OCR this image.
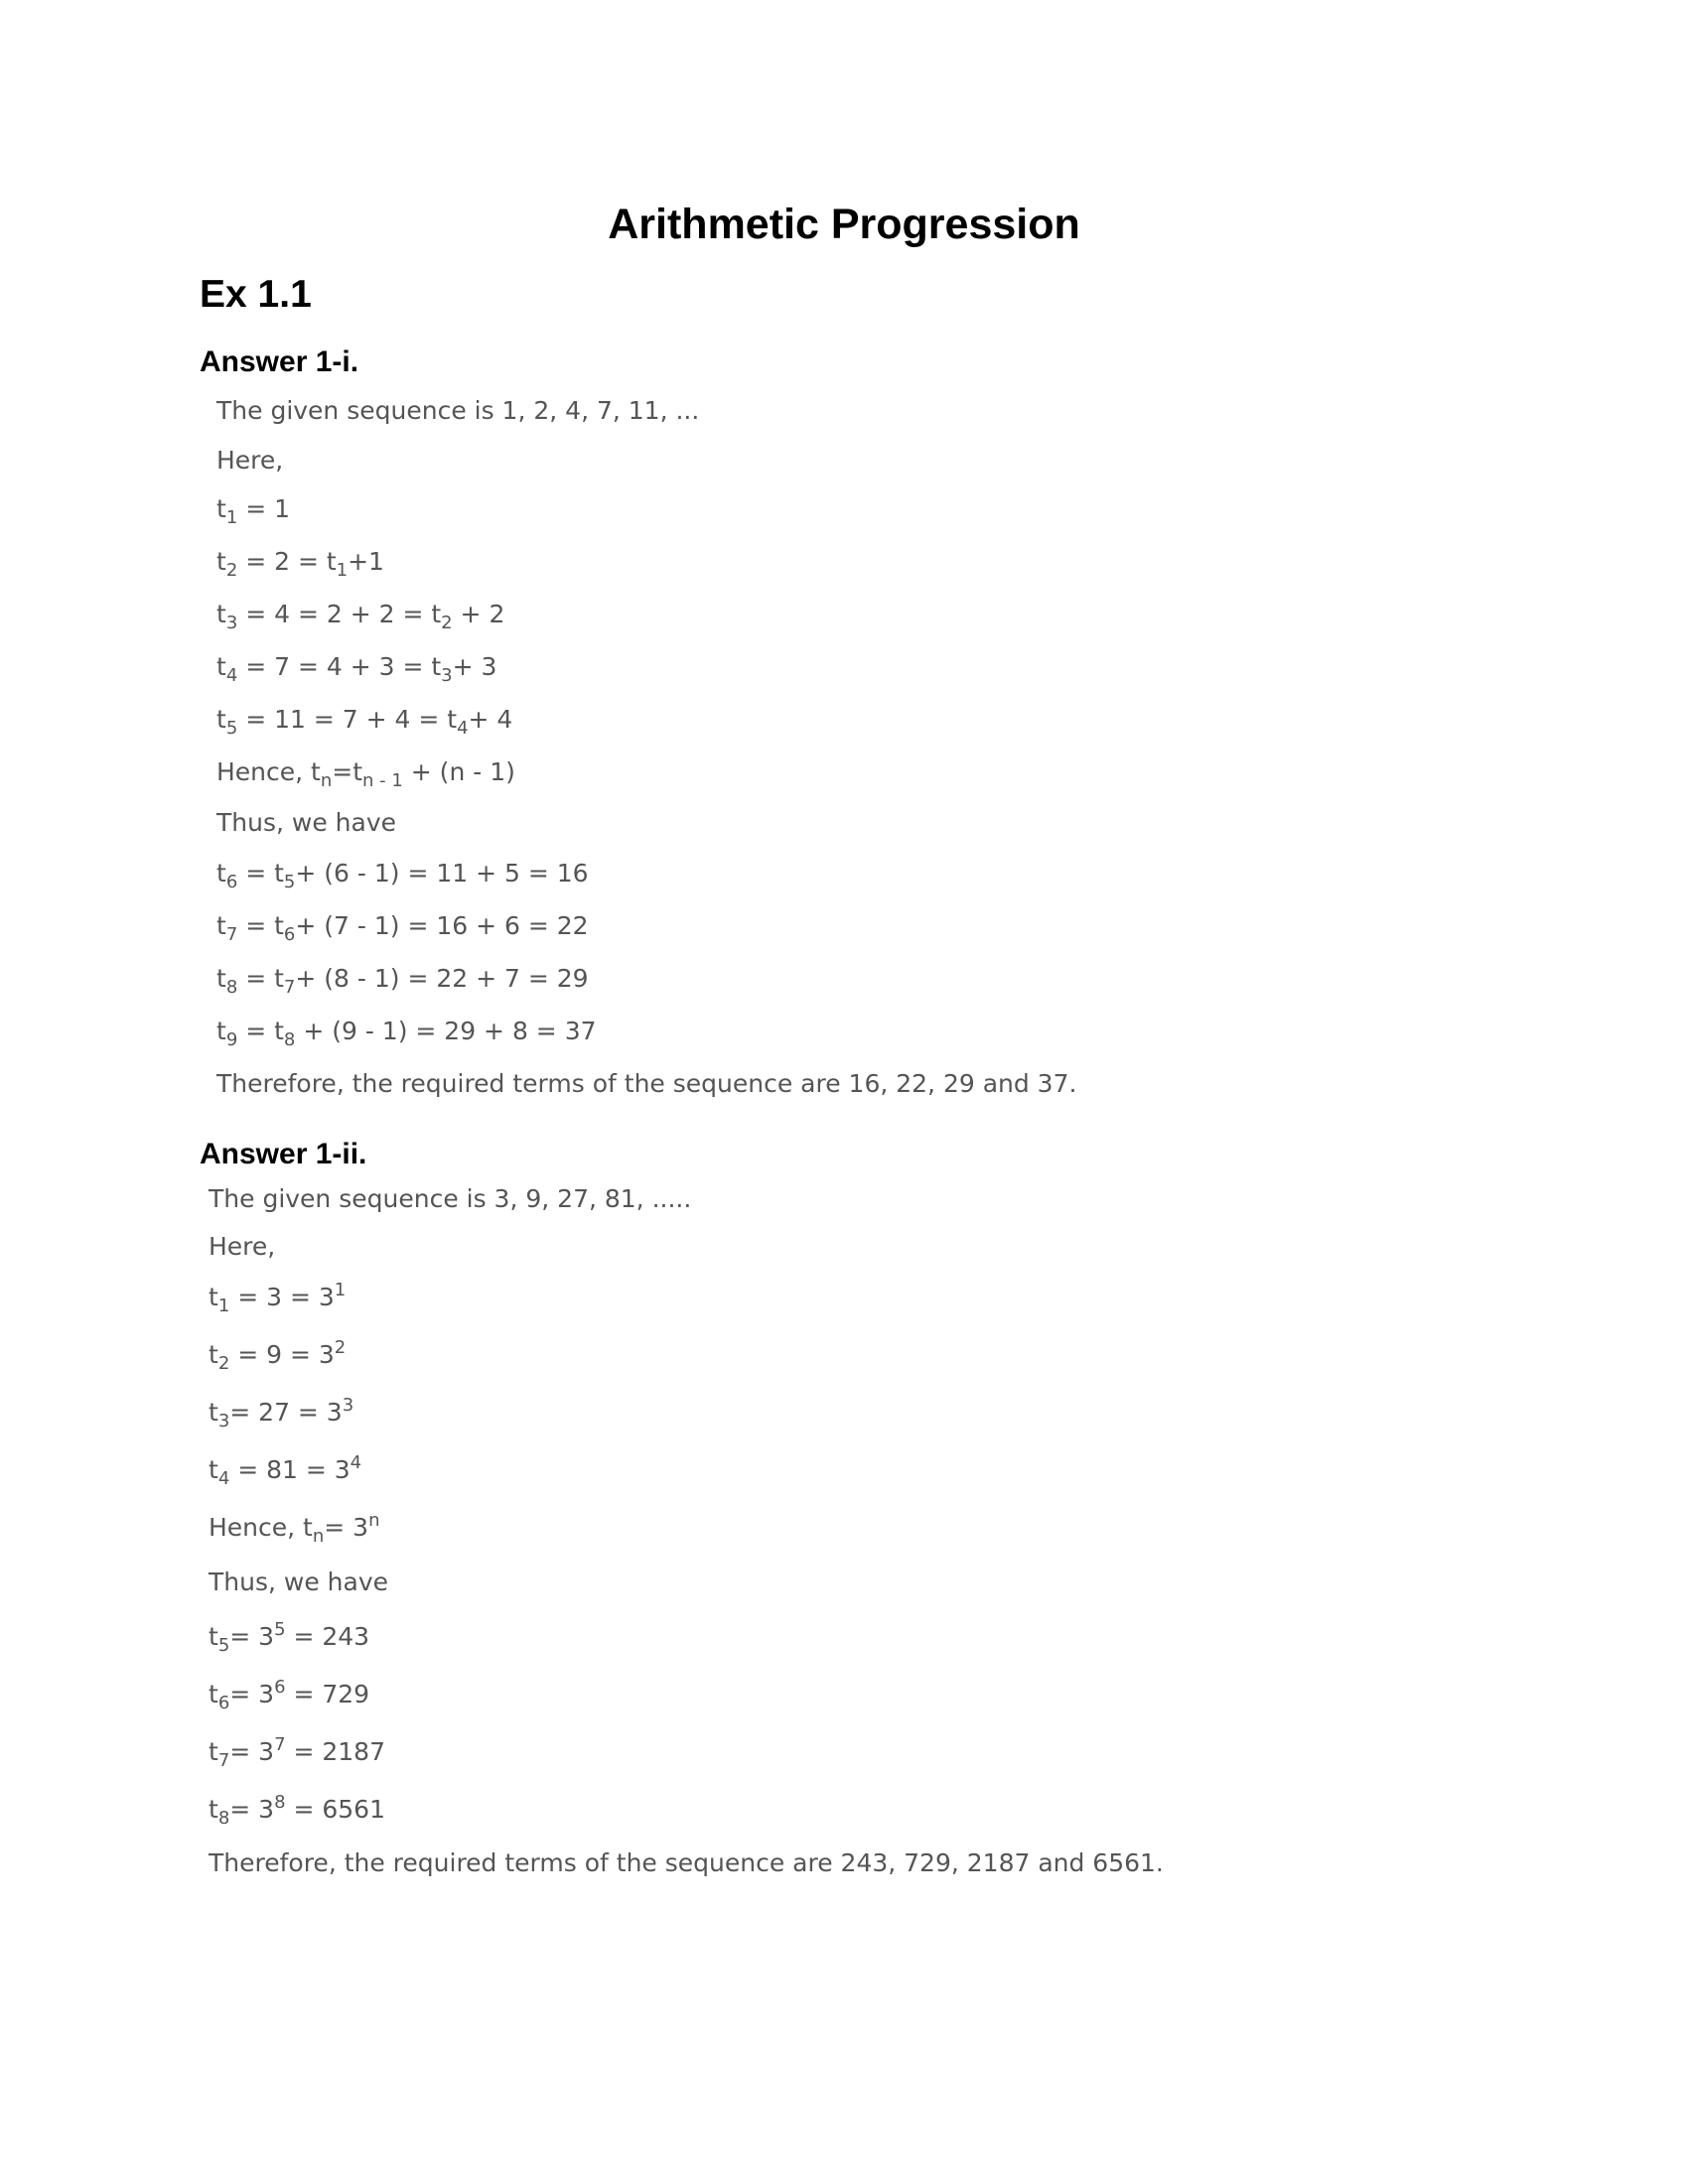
Arithmetic Progression
Ex 1.1
Answer 1-i.
The given sequence is 1, 2, 4, 7, 11, ...
Here,
$t_1 = 1$
$t_2 = 2 = t_1+1$
$t_3 = 4 = 2 + 2 = t_2 + 2$
$t_4 = 7 = 4 + 3 = t_3+ 3$
$t_5 = 11 = 7 + 4 = t_4+ 4$
Hence, $t_n=t_{n - 1} + (n - 1)$
Thus, we have
$t_6 = t_5+ (6 - 1) = 11 + 5 = 16$
$t_7 = t_6+ (7 - 1) = 16 + 6 = 22$
$t_8 = t_7+ (8 - 1) = 22 + 7 = 29$
$t_9 = t_8 + (9 - 1) = 29 + 8 = 37$
Therefore, the required terms of the sequence are 16, 22, 29 and 37.
Answer 1-ii.
The given sequence is 3, 9, 27, 81, .....
Here,
$t_1 = 3 = 3^1$
$t_2 = 9 = 3^2$
$t_3= 27 = 3^3$
$t_4 = 81 = 3^4$
Hence, $t_n= 3^n$
Thus, we have
$t_5= 3^5 = 243$
$t_6= 3^6 = 729$
$t_7= 3^7 = 2187$
$t_8= 3^8 = 6561$
Therefore, the required terms of the sequence are 243, 729, 2187 and 6561.
